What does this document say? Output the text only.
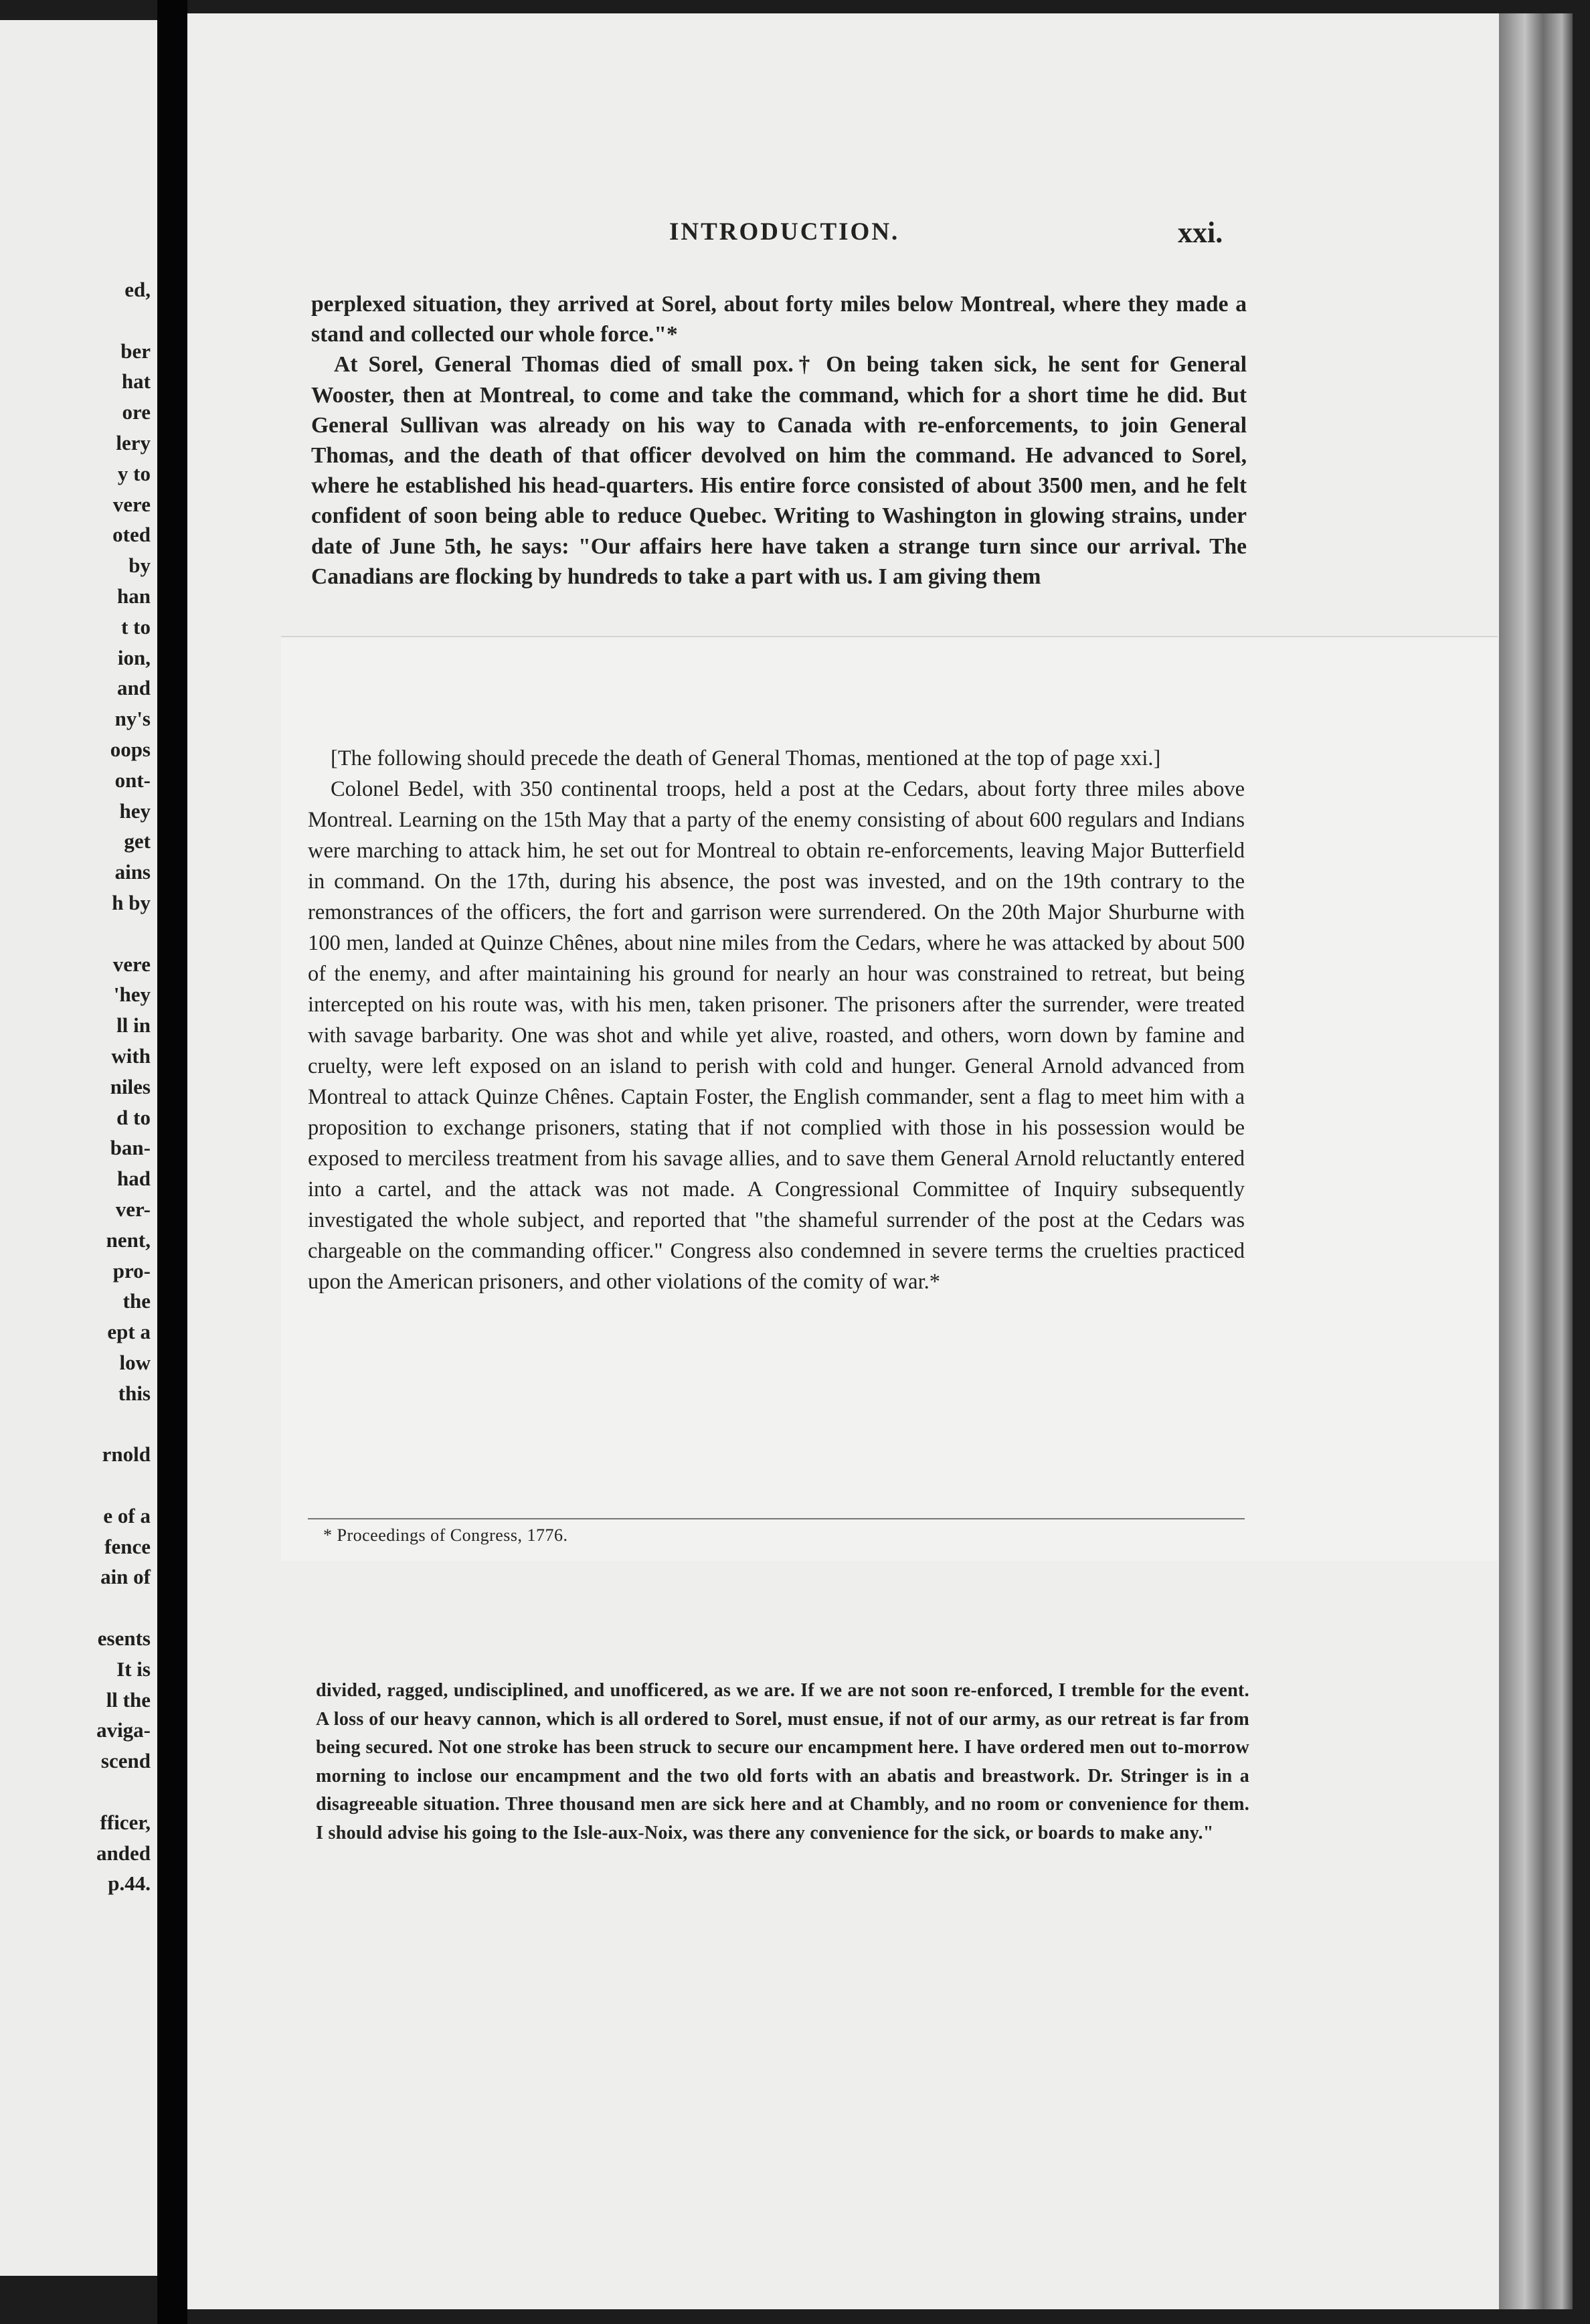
ed,

ber
hat
ore
lery
y to
vere
oted
by
han
t to
ion,
and
ny's
oops
ont-
hey
get
ains
h by

vere
'hey
ll in
with
niles
d to
ban-
had
ver-
nent,
pro-
the
ept a
low
this

rnold

e of a
fence
ain of

esents
It is
ll the
avigа-
scend

fficer,
anded
p.44.
INTRODUCTION.	xxi.

perplexed situation, they arrived at Sorel, about forty miles below Montreal, where they made a stand and collected our whole force."*

At Sorel, General Thomas died of small pox.† On being taken sick, he sent for General Wooster, then at Montreal, to come and take the command, which for a short time he did. But General Sullivan was already on his way to Canada with re-enforcements, to join General Thomas, and the death of that officer devolved on him the command. He advanced to Sorel, where he established his head-quarters. His entire force consisted of about 3500 men, and he felt confident of soon being able to reduce Quebec. Writing to Washington in glowing strains, under date of June 5th, he says: "Our affairs here have taken a strange turn since our arrival. The Canadians are flocking by hundreds to take a part with us. I am giving them

[The following should precede the death of General Thomas, mentioned at the top of page xxi.]

Colonel Bedel, with 350 continental troops, held a post at the Cedars, about forty three miles above Montreal. Learning on the 15th May that a party of the enemy consisting of about 600 regulars and Indians were marching to attack him, he set out for Montreal to obtain re-enforcements, leaving Major Butterfield in command. On the 17th, during his absence, the post was invested, and on the 19th contrary to the remonstrances of the officers, the fort and garrison were surrendered. On the 20th Major Shurburne with 100 men, landed at Quinze Chênes, about nine miles from the Cedars, where he was attacked by about 500 of the enemy, and after maintaining his ground for nearly an hour was constrained to retreat, but being intercepted on his route was, with his men, taken prisoner. The prisoners after the surrender, were treated with savage barbarity. One was shot and while yet alive, roasted, and others, worn down by famine and cruelty, were left exposed on an island to perish with cold and hunger. General Arnold advanced from Montreal to attack Quinze Chênes. Captain Foster, the English commander, sent a flag to meet him with a proposition to exchange prisoners, stating that if not complied with those in his possession would be exposed to merciless treatment from his savage allies, and to save them General Arnold reluctantly entered into a cartel, and the attack was not made. A Congressional Committee of Inquiry subsequently investigated the whole subject, and reported that "the shameful surrender of the post at the Cedars was chargeable on the commanding officer." Congress also condemned in severe terms the cruelties practiced upon the American prisoners, and other violations of the comity of war.*

* Proceedings of Congress, 1776.
divided, ragged, undisciplined, and unofficered, as we are. If we are not soon re-enforced, I tremble for the event. A loss of our heavy cannon, which is all ordered to Sorel, must ensue, if not of our army, as our retreat is far from being secured. Not one stroke has been struck to secure our encampment here. I have ordered men out to-morrow morning to inclose our encampment and the two old forts with an abatis and breastwork. Dr. Stringer is in a disagreeable situation. Three thousand men are sick here and at Chambly, and no room or convenience for them. I should advise his going to the Isle-aux-Noix, was there any convenience for the sick, or boards to make any."
